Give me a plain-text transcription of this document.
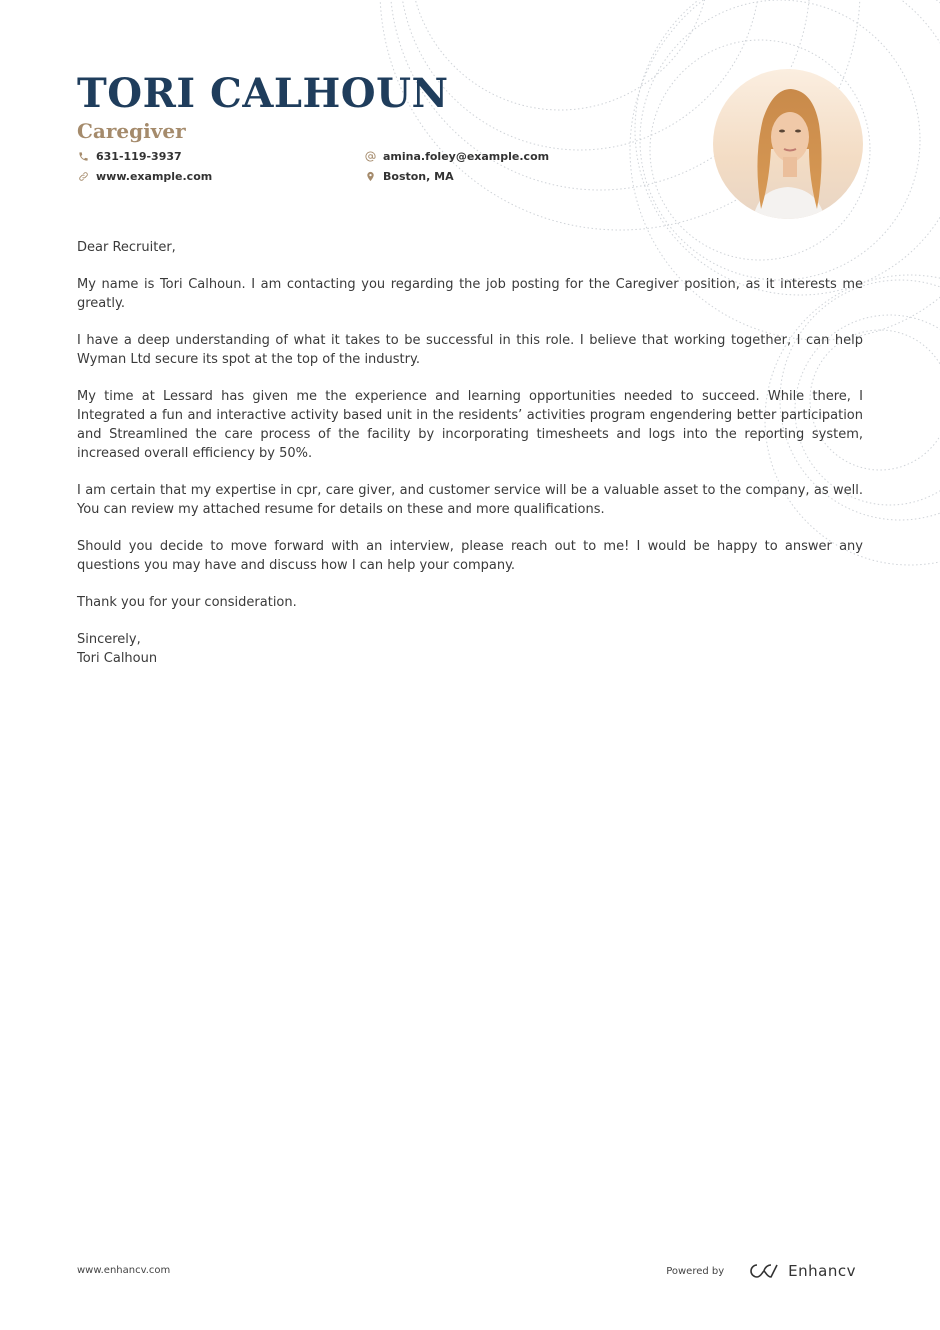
TORI CALHOUN
Caregiver
631-119-3937
www.example.com
amina.foley@example.com
Boston, MA

Dear Recruiter,

My name is Tori Calhoun. I am contacting you regarding the job posting for the Caregiver position, as it interests me greatly.

I have a deep understanding of what it takes to be successful in this role. I believe that working together, I can help Wyman Ltd secure its spot at the top of the industry.

My time at Lessard has given me the experience and learning opportunities needed to succeed. While there, I Integrated a fun and interactive activity based unit in the residents’ activities program engendering better participation and Streamlined the care process of the facility by incorporating timesheets and logs into the reporting system, increased overall efficiency by 50%.

I am certain that my expertise in cpr, care giver, and customer service will be a valuable asset to the company, as well. You can review my attached resume for details on these and more qualifications.

Should you decide to move forward with an interview, please reach out to me! I would be happy to answer any questions you may have and discuss how I can help your company.

Thank you for your consideration.

Sincerely,
Tori Calhoun
www.enhancv.com	Powered by	Enhancv
